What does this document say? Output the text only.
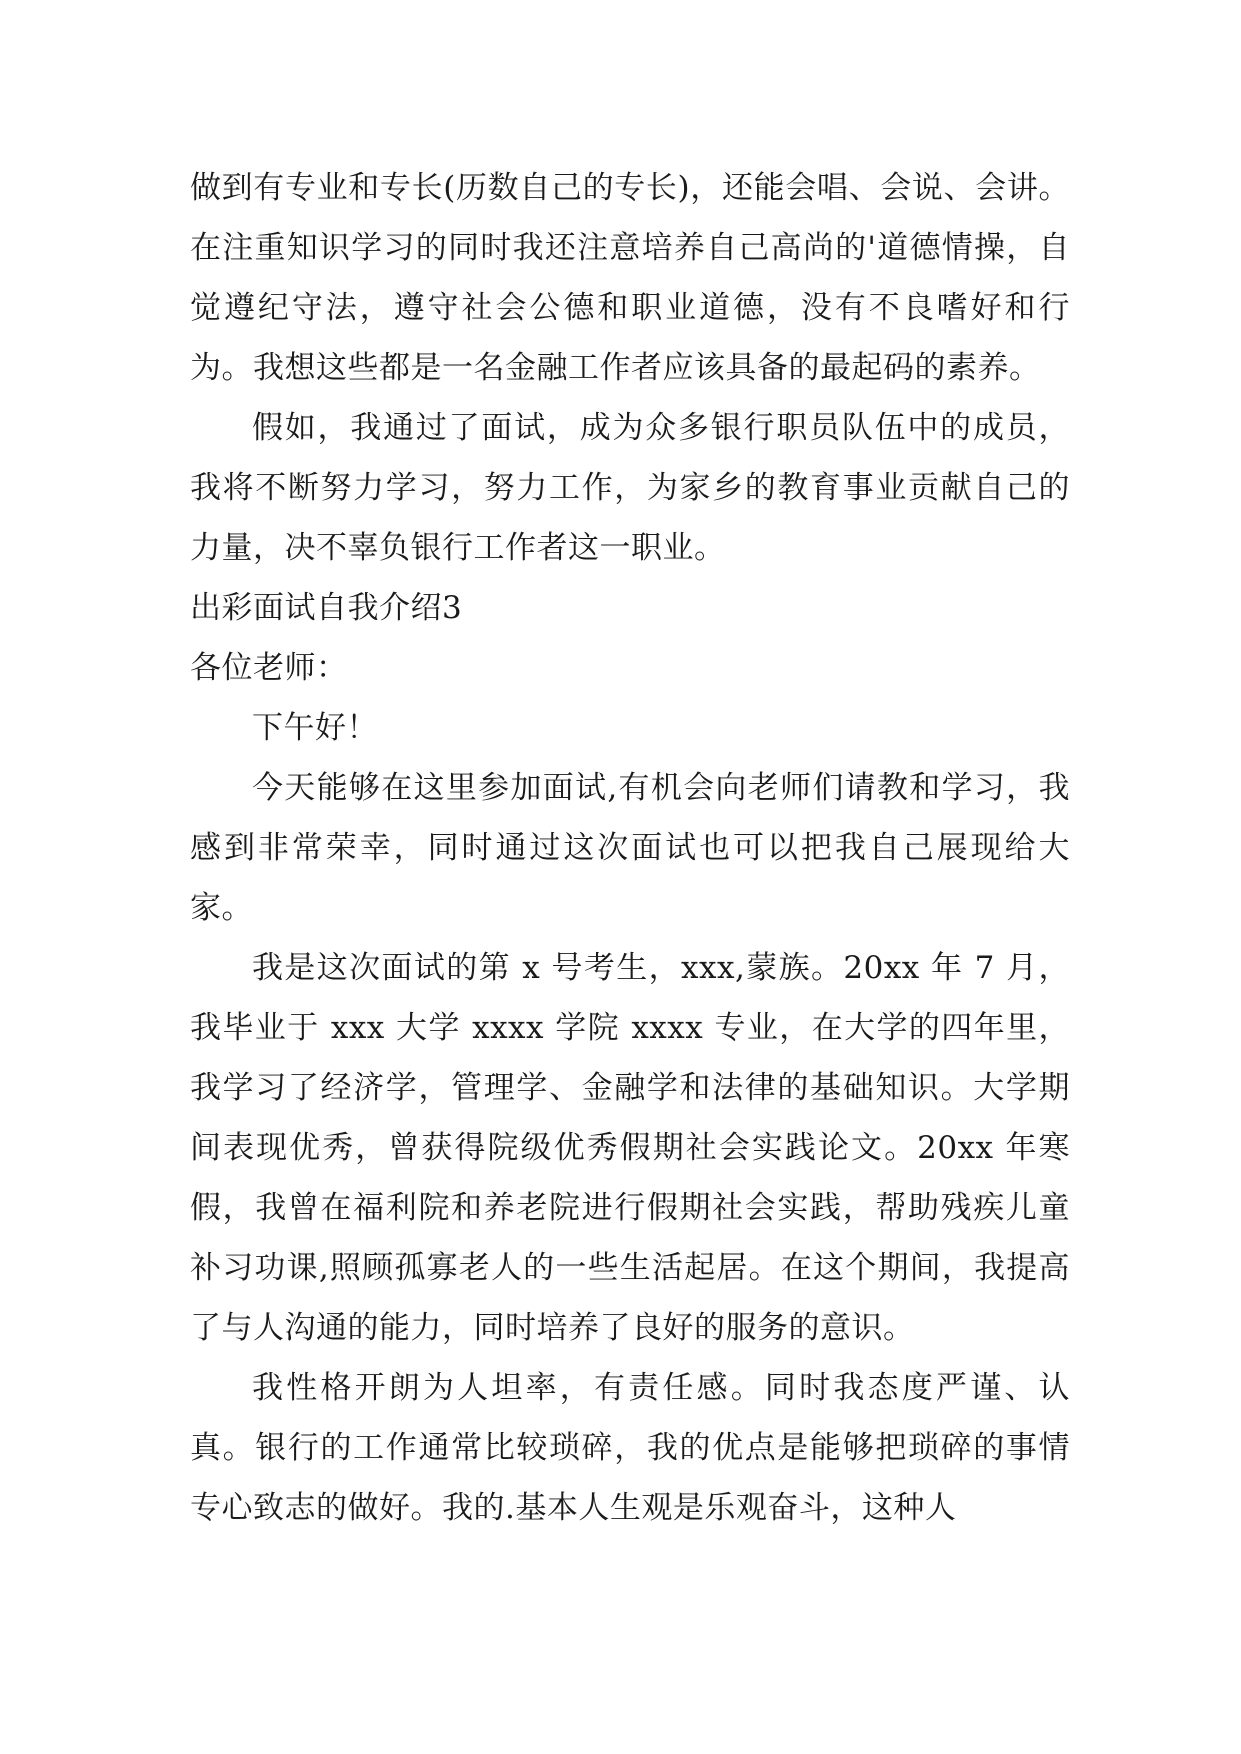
做到有专业和专长(历数自己的专长)，还能会唱、会说、会讲。在注重知识学习的同时我还注意培养自己高尚的'道德情操，自觉遵纪守法，遵守社会公德和职业道德，没有不良嗜好和行为。我想这些都是一名金融工作者应该具备的最起码的素养。

假如，我通过了面试，成为众多银行职员队伍中的成员，我将不断努力学习，努力工作，为家乡的教育事业贡献自己的力量，决不辜负银行工作者这一职业。

出彩面试自我介绍3

各位老师：

下午好！

今天能够在这里参加面试,有机会向老师们请教和学习，我感到非常荣幸，同时通过这次面试也可以把我自己展现给大家。

我是这次面试的第 x 号考生，xxx,蒙族。20xx 年 7 月，我毕业于 xxx 大学 xxxx 学院 xxxx 专业，在大学的四年里，我学习了经济学，管理学、金融学和法律的基础知识。大学期间表现优秀，曾获得院级优秀假期社会实践论文。20xx 年寒假，我曾在福利院和养老院进行假期社会实践，帮助残疾儿童补习功课,照顾孤寡老人的一些生活起居。在这个期间，我提高了与人沟通的能力，同时培养了良好的服务的意识。

我性格开朗为人坦率，有责任感。同时我态度严谨、认真。银行的工作通常比较琐碎，我的优点是能够把琐碎的事情专心致志的做好。我的.基本人生观是乐观奋斗，这种人
